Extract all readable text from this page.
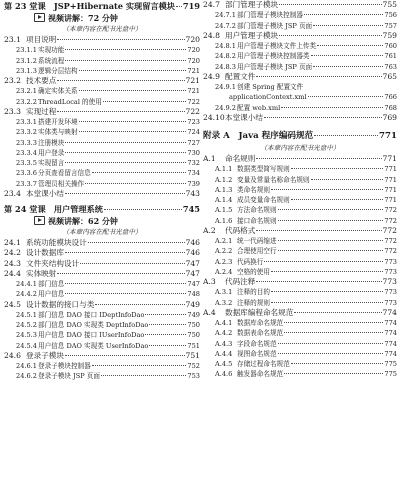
第 23 堂课　JSP+Hibernate 实现留言模块 719
视频讲解：72 分钟
（本章内容在配书光盘中）
23.1 项目说明	720
23.1.1实现功能	720
23.1.2系统流程	720
23.1.3逻辑分层结构	721
23.2 技术要点	721
23.2.1确定实体关系	721
23.2.2ThreadLocal 的使用	722
23.3 实现过程	722
23.3.1搭建开发环境	723
23.3.2实体类与映射	724
23.3.3注册模块	727
23.3.4用户登录	730
23.3.5实现留言	732
23.3.6分页查看留言信息	734
23.3.7管理员相关操作	739
23.4 本堂课小结	743
第 24 堂课　用户管理系统	745
视频讲解：62 分钟
（本章内容在配书光盘中）
24.1 系统功能模块设计	746
24.2 设计数据库	746
24.3 文件夹结构设计	747
24.4 实体映射	747
24.4.1部门信息	747
24.4.2用户信息	748
24.5 设计数据的接口与类	749
24.5.1部门信息 DAO 接口 IDeptInfoDao	749
24.5.2部门信息 DAO 实现类 DeptInfoDao	750
24.5.3用户信息 DAO 接口 IUserInfoDao	750
24.5.4用户信息 DAO 实现类 UserInfoDao	751
24.6 登录子模块	751
24.6.1登录子模块控制器	752
24.6.2登录子模块 JSP 页面	753
24.7 部门管理子模块	755
24.7.1部门管理子模块控制器	756
24.7.2部门管理子模块 JSP 页面	757
24.8 用户管理子模块	759
24.8.1用户管理子模块文件上传类	760
24.8.2用户管理子模块控制器类	761
24.8.3用户管理子模块 JSP 页面	763
24.9 配置文件	765
24.9.1创建 Spring 配置文件
applicationContext.xml	766
24.9.2配置 web.xml	768
24.10本堂课小结	769
附录 A　Java 程序编码规范	771
（本章内容在配书光盘中）
A.1 命名规则	771
A.1.1 数据类型简写规则	771
A.1.2 变量及常量名称命名规则	771
A.1.3 类命名规则	771
A.1.4 成员变量命名规则	771
A.1.5 方法命名规则	772
A.1.6 接口命名规则	772
A.2 代码格式	772
A.2.1 统一代码缩进	772
A.2.2 合理使用空行	772
A.2.3 代码换行	773
A.2.4 空格的使用	773
A.3 代码注释	773
A.3.1 注释的目的	773
A.3.2 注释的规则	773
A.4 数据库编程命名规范	774
A.4.1 数据库命名规范	774
A.4.2 数据表命名规范	774
A.4.3 字段命名规范	774
A.4.4 视图命名规范	774
A.4.5 存储过程命名规范	775
A.4.6 触发器命名规范	775
